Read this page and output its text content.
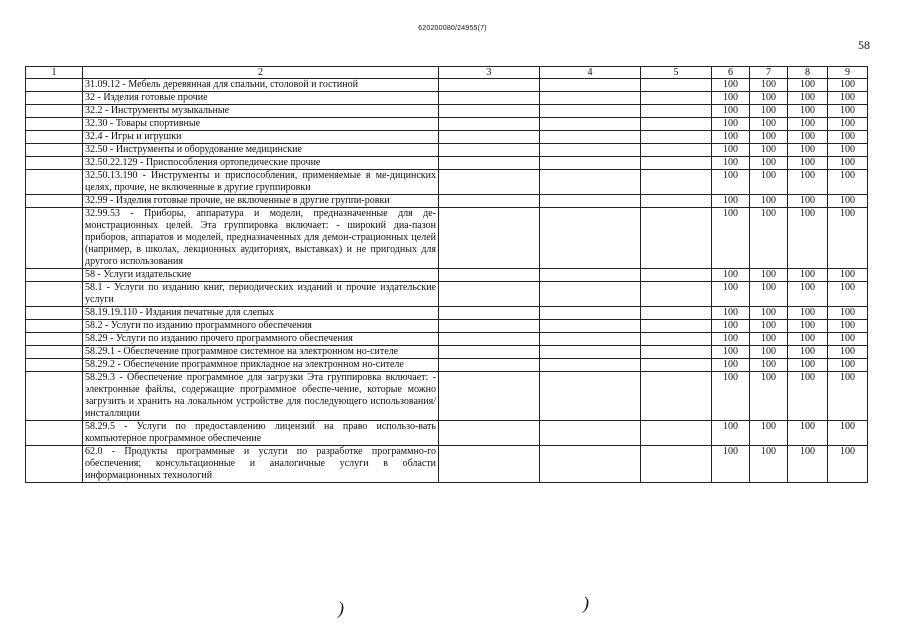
620200080/24955(7)
58
1	2	3	4	5	6	7	8	9
	31.09.12 - Мебель деревянная для спальни, столовой и гостиной				100	100	100	100
	32 - Изделия готовые прочие				100	100	100	100
	32.2 - Инструменты музыкальные				100	100	100	100
	32.30 - Товары спортивные				100	100	100	100
	32.4 - Игры и игрушки				100	100	100	100
	32.50 - Инструменты и оборудование медицинские				100	100	100	100
	32.50.22.129 - Приспособления ортопедические прочие				100	100	100	100
	32.50.13.190 - Инструменты и приспособления, применяемые в ме-дицинских целях, прочие, не включенные в другие группировки				100	100	100	100
	32.99 - Изделия готовые прочие, не включенные в другие группи-ровки				100	100	100	100
	32.99.53 - Приборы, аппаратура и модели, предназначенные для де-монстрационных целей. Эта группировка включает: - широкий диа-пазон приборов, аппаратов и моделей, предназначенных для демон-страционных целей (например, в школах, лекционных аудиториях, выставках) и не пригодных для другого использования				100	100	100	100
	58 - Услуги издательские				100	100	100	100
	58.1 - Услуги по изданию книг, периодических изданий и прочие издательские услуги				100	100	100	100
	58.19.19.110 - Издания печатные для слепых				100	100	100	100
	58.2 - Услуги по изданию программного обеспечения				100	100	100	100
	58.29 - Услуги по изданию прочего программного обеспечения				100	100	100	100
	58.29.1 - Обеспечение программное системное на электронном но-сителе				100	100	100	100
	58.29.2 - Обеспечение программное прикладное на электронном но-сителе				100	100	100	100
	58.29.3 - Обеспечение программное для загрузки Эта группировка включает: - электронные файлы, содержащие программное обеспе-чение, которые можно загрузить и хранить на локальном устройстве для последующего использования/инсталляции				100	100	100	100
	58.29.5 - Услуги по предоставлению лицензий на право использо-вать компьютерное программное обеспечение				100	100	100	100
	62.0 - Продукты программные и услуги по разработке программно-го обеспечения; консультационные и аналогичные услуги в области информационных технологий				100	100	100	100
)	)
